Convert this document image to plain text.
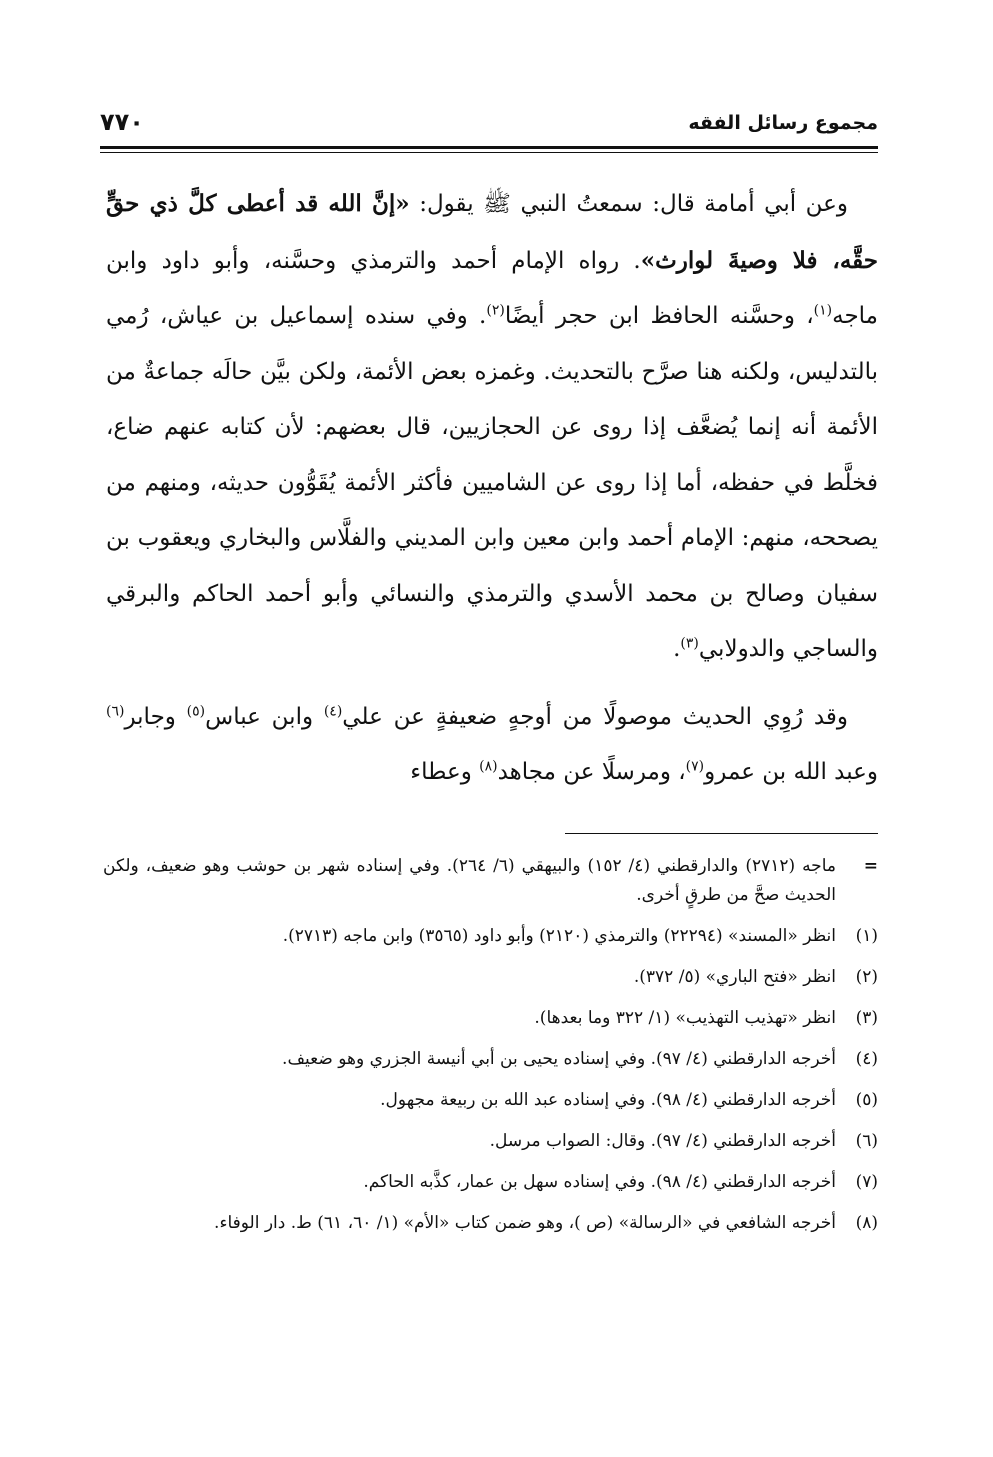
مجموع رسائل الفقه
٧٧٠

وعن أبي أمامة قال: سمعتُ النبي ﷺ يقول: «إنَّ الله قد أعطى كلَّ ذي حقٍّ حقَّه، فلا وصيةَ لوارث». رواه الإمام أحمد والترمذي وحسَّنه، وأبو داود وابن ماجه$^{(١)}$، وحسَّنه الحافظ ابن حجر أيضًا$^{(٢)}$. وفي سنده إسماعيل بن عياش، رُمي بالتدليس، ولكنه هنا صرَّح بالتحديث. وغمزه بعض الأئمة، ولكن بيَّن حالَه جماعةٌ من الأئمة أنه إنما يُضعَّف إذا روى عن الحجازيين، قال بعضهم: لأن كتابه عنهم ضاع، فخلَّط في حفظه، أما إذا روى عن الشاميين فأكثر الأئمة يُقَوُّون حديثه، ومنهم من يصححه، منهم: الإمام أحمد وابن معين وابن المديني والفلَّاس والبخاري ويعقوب بن سفيان وصالح بن محمد الأسدي والترمذي والنسائي وأبو أحمد الحاكم والبرقي والساجي والدولابي$^{(٣)}$.

وقد رُوِي الحديث موصولًا من أوجهٍ ضعيفةٍ عن علي$^{(٤)}$ وابن عباس$^{(٥)}$ وجابر$^{(٦)}$ وعبد الله بن عمرو$^{(٧)}$، ومرسلًا عن مجاهد$^{(٨)}$ وعطاء

=
ماجه (٢٧١٢) والدارقطني (٤/ ١٥٢) والبيهقي (٦/ ٢٦٤). وفي إسناده شهر بن حوشب وهو ضعيف، ولكن الحديث صحَّ من طرقٍ أخرى.
(١)
انظر «المسند» (٢٢٢٩٤) والترمذي (٢١٢٠) وأبو داود (٣٥٦٥) وابن ماجه (٢٧١٣).
(٢)
انظر «فتح الباري» (٥/ ٣٧٢).
(٣)
انظر «تهذيب التهذيب» (١/ ٣٢٢ وما بعدها).
(٤)
أخرجه الدارقطني (٤/ ٩٧). وفي إسناده يحيى بن أبي أنيسة الجزري وهو ضعيف.
(٥)
أخرجه الدارقطني (٤/ ٩٨). وفي إسناده عبد الله بن ربيعة مجهول.
(٦)
أخرجه الدارقطني (٤/ ٩٧). وقال: الصواب مرسل.
(٧)
أخرجه الدارقطني (٤/ ٩٨). وفي إسناده سهل بن عمار، كذَّبه الحاكم.
(٨)
أخرجه الشافعي في «الرسالة» (ص )، وهو ضمن كتاب «الأم» (١/ ٦٠، ٦١) ط. دار الوفاء.
